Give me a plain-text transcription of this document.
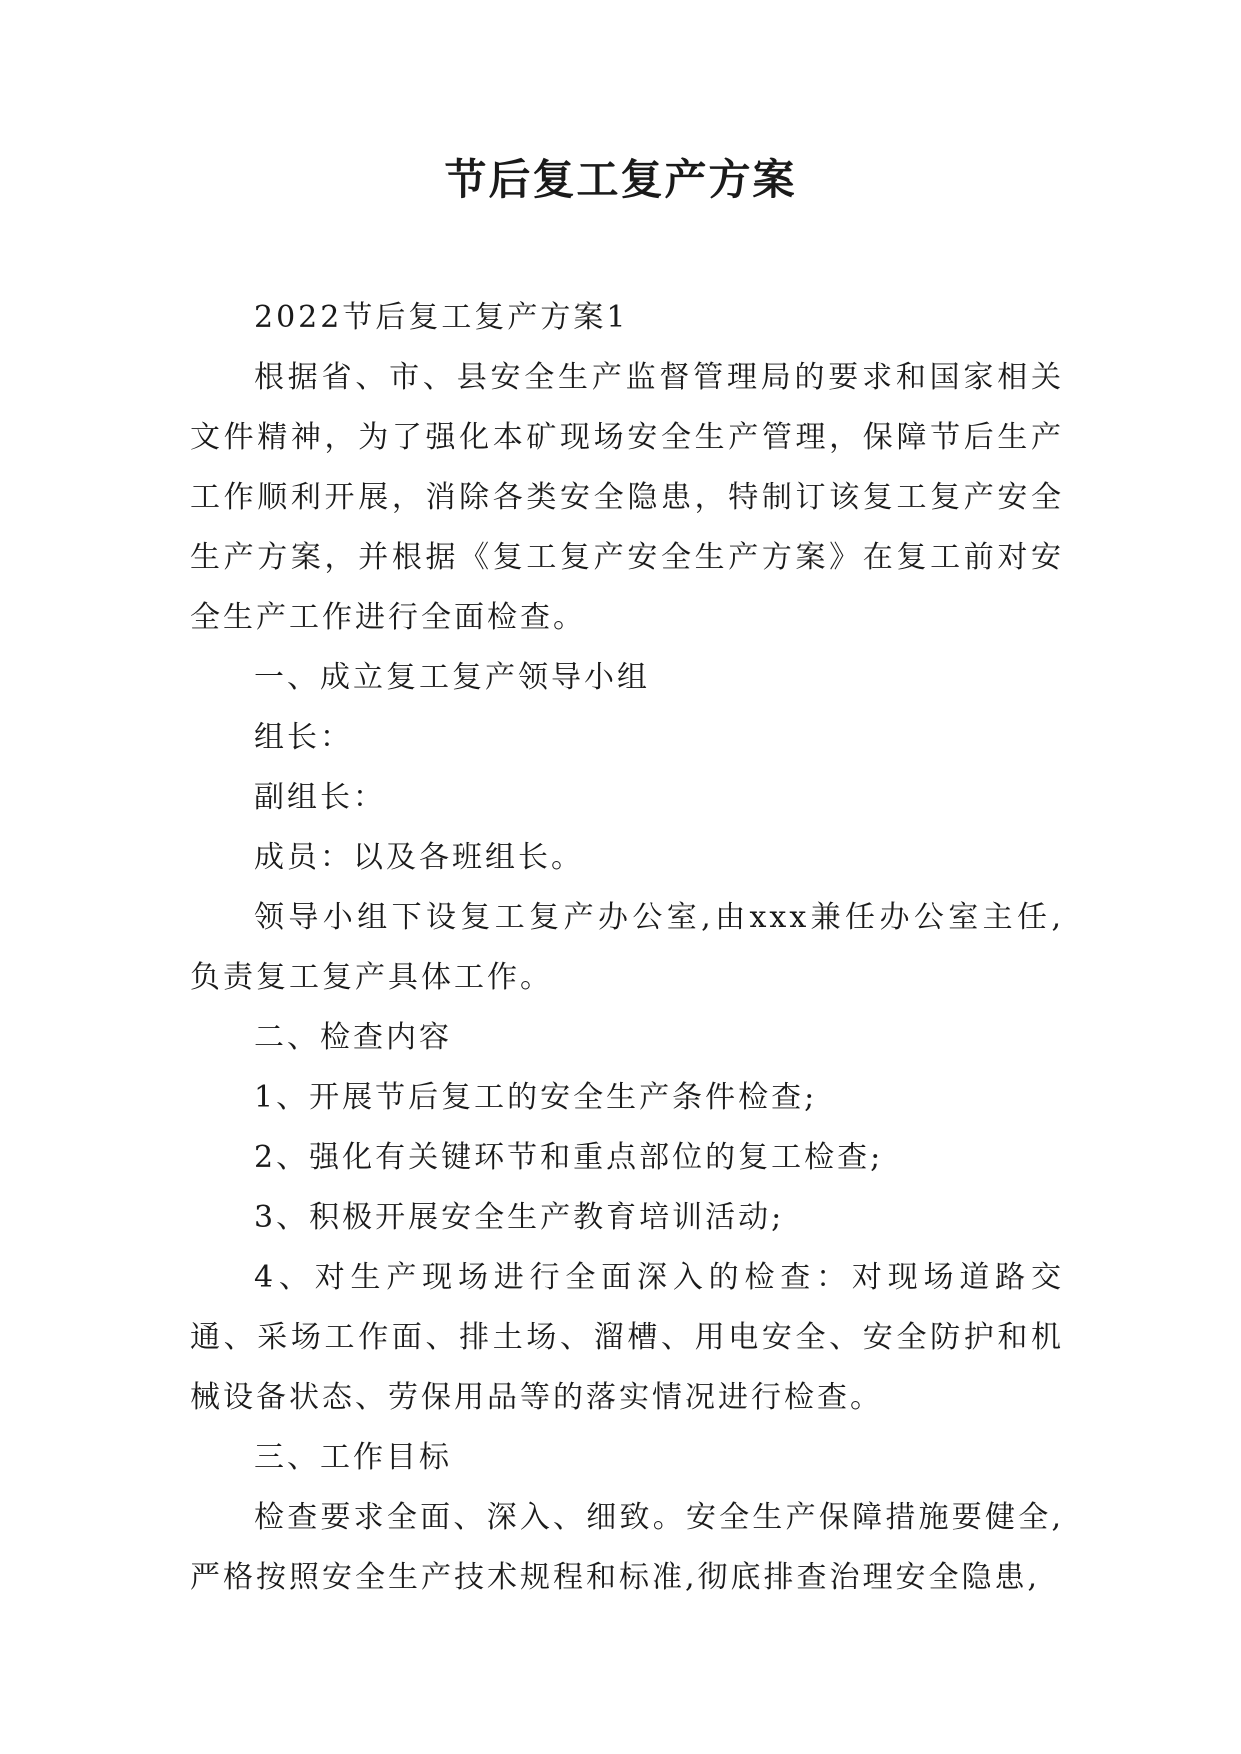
节后复工复产方案

2022节后复工复产方案1

根据省、市、县安全生产监督管理局的要求和国家相关文件精神，为了强化本矿现场安全生产管理，保障节后生产工作顺利开展，消除各类安全隐患，特制订该复工复产安全生产方案，并根据《复工复产安全生产方案》在复工前对安全生产工作进行全面检查。

一、成立复工复产领导小组

组长：

副组长：

成员：以及各班组长。

领导小组下设复工复产办公室,由xxx兼任办公室主任,负责复工复产具体工作。

二、检查内容

1、开展节后复工的安全生产条件检查;

2、强化有关键环节和重点部位的复工检查;

3、积极开展安全生产教育培训活动;

4、对生产现场进行全面深入的检查：对现场道路交通、采场工作面、排土场、溜槽、用电安全、安全防护和机械设备状态、劳保用品等的落实情况进行检查。

三、工作目标

检查要求全面、深入、细致。安全生产保障措施要健全,严格按照安全生产技术规程和标准,彻底排查治理安全隐患,
